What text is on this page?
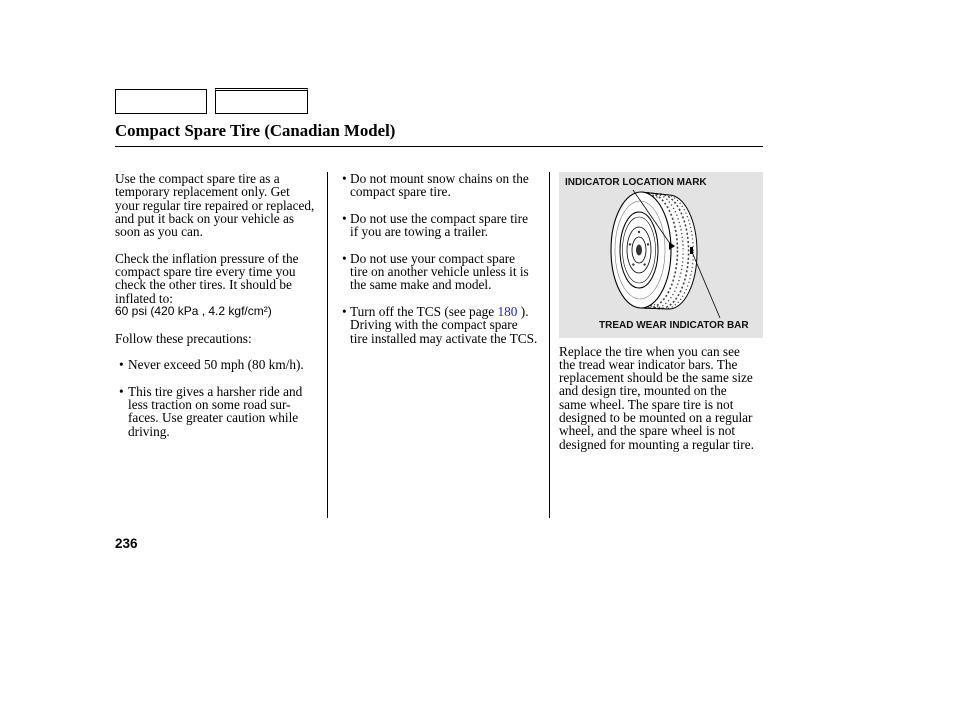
Compact Spare Tire (Canadian Model)
Use the compact spare tire as a
temporary replacement only. Get
your regular tire repaired or replaced,
and put it back on your vehicle as
soon as you can.
Check the inflation pressure of the
compact spare tire every time you
check the other tires. It should be
inflated to:
60 psi (420 kPa , 4.2 kgf/cm²)
Follow these precautions:
• Never exceed 50 mph (80 km/h).
• This tire gives a harsher ride and
less traction on some road sur-
faces. Use greater caution while
driving.
• Do not mount snow chains on the
compact spare tire.
• Do not use the compact spare tire
if you are towing a trailer.
• Do not use your compact spare
tire on another vehicle unless it is
the same make and model.
• Turn off the TCS (see page 180 ).
Driving with the compact spare
tire installed may activate the TCS.
INDICATOR LOCATION MARK
TREAD WEAR INDICATOR BAR
Replace the tire when you can see
the tread wear indicator bars. The
replacement should be the same size
and design tire, mounted on the
same wheel. The spare tire is not
designed to be mounted on a regular
wheel, and the spare wheel is not
designed for mounting a regular tire.
236
